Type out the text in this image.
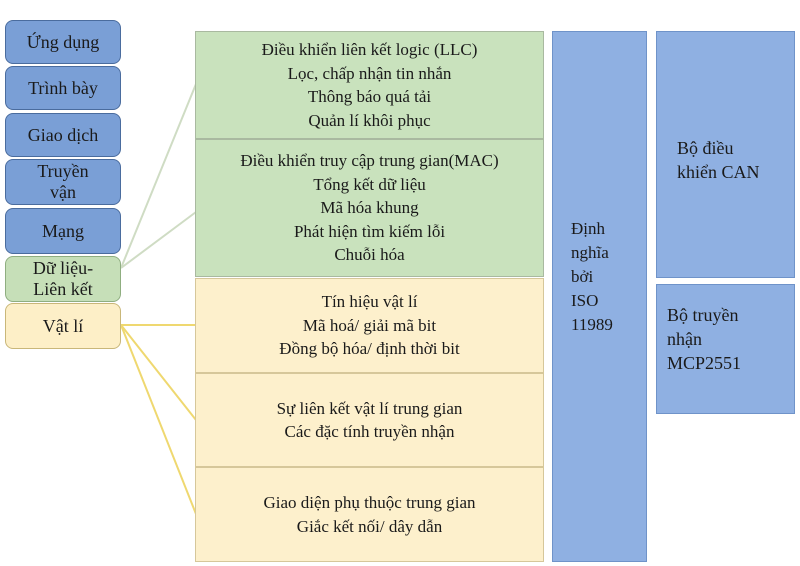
Ứng dụng
Trình bày
Giao dịch
Truyền
vận
Mạng
Dữ liệu-
Liên kết
Vật lí
Điều khiển liên kết logic (LLC)
Lọc, chấp nhận tin nhắn
Thông báo quá tải
Quản lí khôi phục
Điều khiển truy cập trung gian(MAC)
Tổng kết dữ liệu
Mã hóa khung
Phát hiện tìm kiếm lỗi
Chuỗi hóa
Tín hiệu vật lí
Mã hoá/ giải mã bit
Đồng bộ hóa/ định thời bit
Sự liên kết vật lí trung gian
Các đặc tính truyền nhận
Giao diện phụ thuộc trung gian
Giắc kết nối/ dây dẫn
Định
nghĩa
bởi
ISO
11989
Bộ điều
khiển CAN
Bộ truyền
nhận
MCP2551
